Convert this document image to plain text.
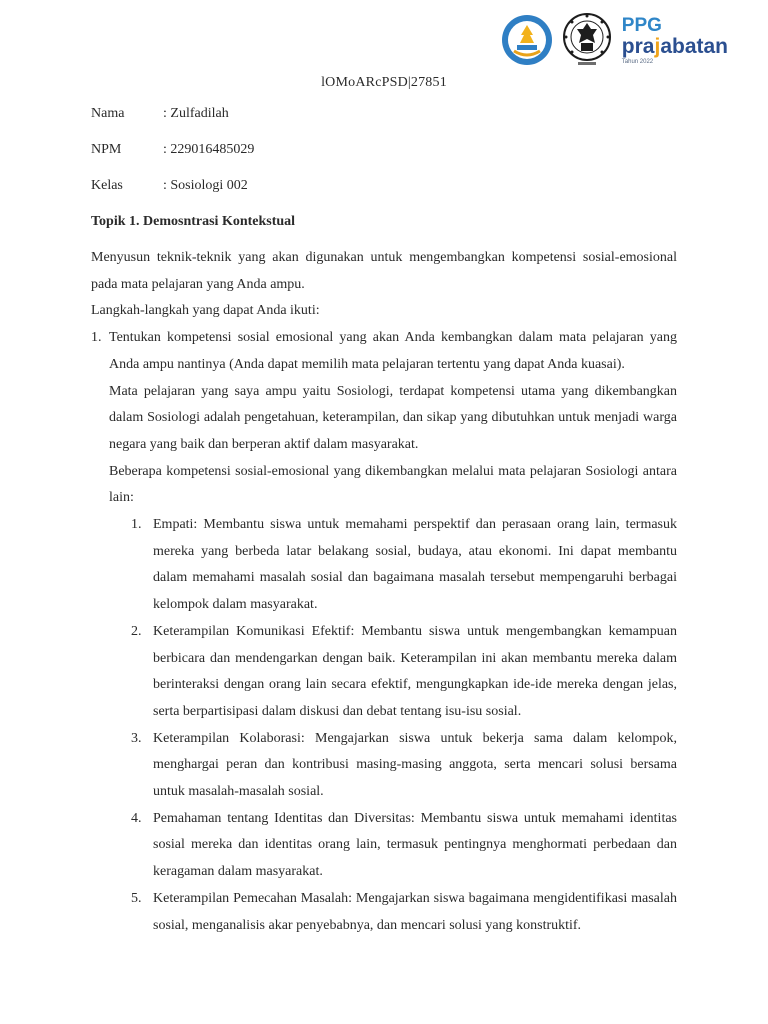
PPG
prajabatan
Tahun 2022
lOMoARcPSD|27851
Nama	: Zulfadilah
NPM	: 229016485029
Kelas	: Sosiologi 002
Topik 1. Demosntrasi Kontekstual

Menyusun teknik-teknik yang akan digunakan untuk mengembangkan kompetensi sosial-emosional pada mata pelajaran yang Anda ampu.

Langkah-langkah yang dapat Anda ikuti:

1. Tentukan kompetensi sosial emosional yang akan Anda kembangkan dalam mata pelajaran yang Anda ampu nantinya (Anda dapat memilih mata pelajaran tertentu yang dapat Anda kuasai).

Mata pelajaran yang saya ampu yaitu Sosiologi, terdapat kompetensi utama yang dikembangkan dalam Sosiologi adalah pengetahuan, keterampilan, dan sikap yang dibutuhkan untuk menjadi warga negara yang baik dan berperan aktif dalam masyarakat.

Beberapa kompetensi sosial-emosional yang dikembangkan melalui mata pelajaran Sosiologi antara lain:

1. Empati: Membantu siswa untuk memahami perspektif dan perasaan orang lain, termasuk mereka yang berbeda latar belakang sosial, budaya, atau ekonomi. Ini dapat membantu dalam memahami masalah sosial dan bagaimana masalah tersebut mempengaruhi berbagai kelompok dalam masyarakat.
2. Keterampilan Komunikasi Efektif: Membantu siswa untuk mengembangkan kemampuan berbicara dan mendengarkan dengan baik. Keterampilan ini akan membantu mereka dalam berinteraksi dengan orang lain secara efektif, mengungkapkan ide-ide mereka dengan jelas, serta berpartisipasi dalam diskusi dan debat tentang isu-isu sosial.
3. Keterampilan Kolaborasi: Mengajarkan siswa untuk bekerja sama dalam kelompok, menghargai peran dan kontribusi masing-masing anggota, serta mencari solusi bersama untuk masalah-masalah sosial.
4. Pemahaman tentang Identitas dan Diversitas: Membantu siswa untuk memahami identitas sosial mereka dan identitas orang lain, termasuk pentingnya menghormati perbedaan dan keragaman dalam masyarakat.
5. Keterampilan Pemecahan Masalah: Mengajarkan siswa bagaimana mengidentifikasi masalah sosial, menganalisis akar penyebabnya, dan mencari solusi yang konstruktif.
